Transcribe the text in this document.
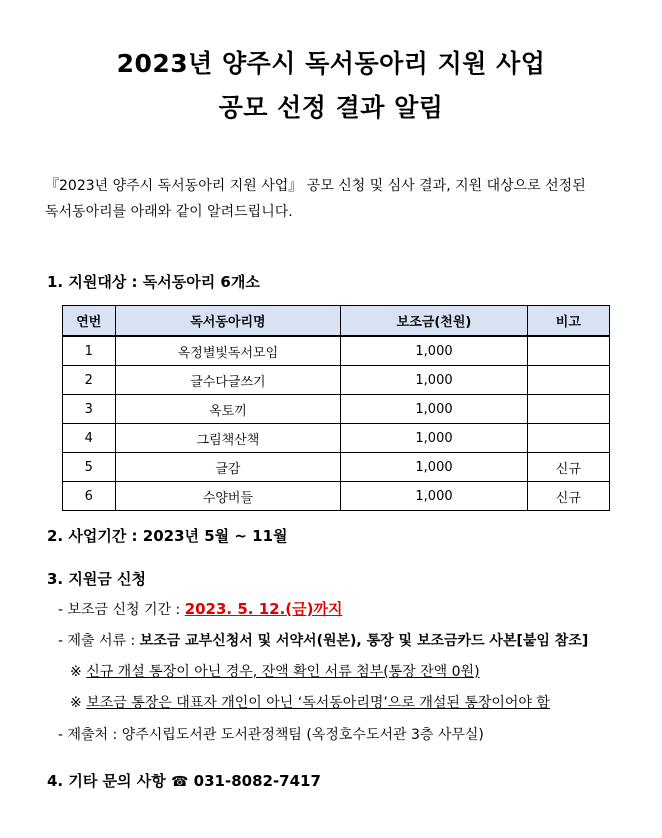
2023년 양주시 독서동아리 지원 사업
공모 선정 결과 알림
『2023년 양주시 독서동아리 지원 사업』 공모 신청 및 심사 결과, 지원 대상으로 선정된
독서동아리를 아래와 같이 알려드립니다.
1. 지원대상 : 독서동아리 6개소
연번	독서동아리명	보조금(천원)	비고
1	옥정별빛독서모임	1,000	
2	글수다글쓰기	1,000	
3	옥토끼	1,000	
4	그림책산책	1,000	
5	글감	1,000	신규
6	수양버들	1,000	신규
2. 사업기간 : 2023년 5월 ~ 11월
3. 지원금 신청
- 보조금 신청 기간 : 2023. 5. 12.(금)까지
- 제출 서류 : 보조금 교부신청서 및 서약서(원본), 통장 및 보조금카드 사본[붙임 참조]
※ 신규 개설 통장이 아닌 경우, 잔액 확인 서류 첨부(통장 잔액 0원)
※ 보조금 통장은 대표자 개인이 아닌 ‘독서동아리명’으로 개설된 통장이어야 함
- 제출처 : 양주시립도서관 도서관정책팀 (옥정호수도서관 3층 사무실)
4. 기타 문의 사항 ☎ 031-8082-7417
